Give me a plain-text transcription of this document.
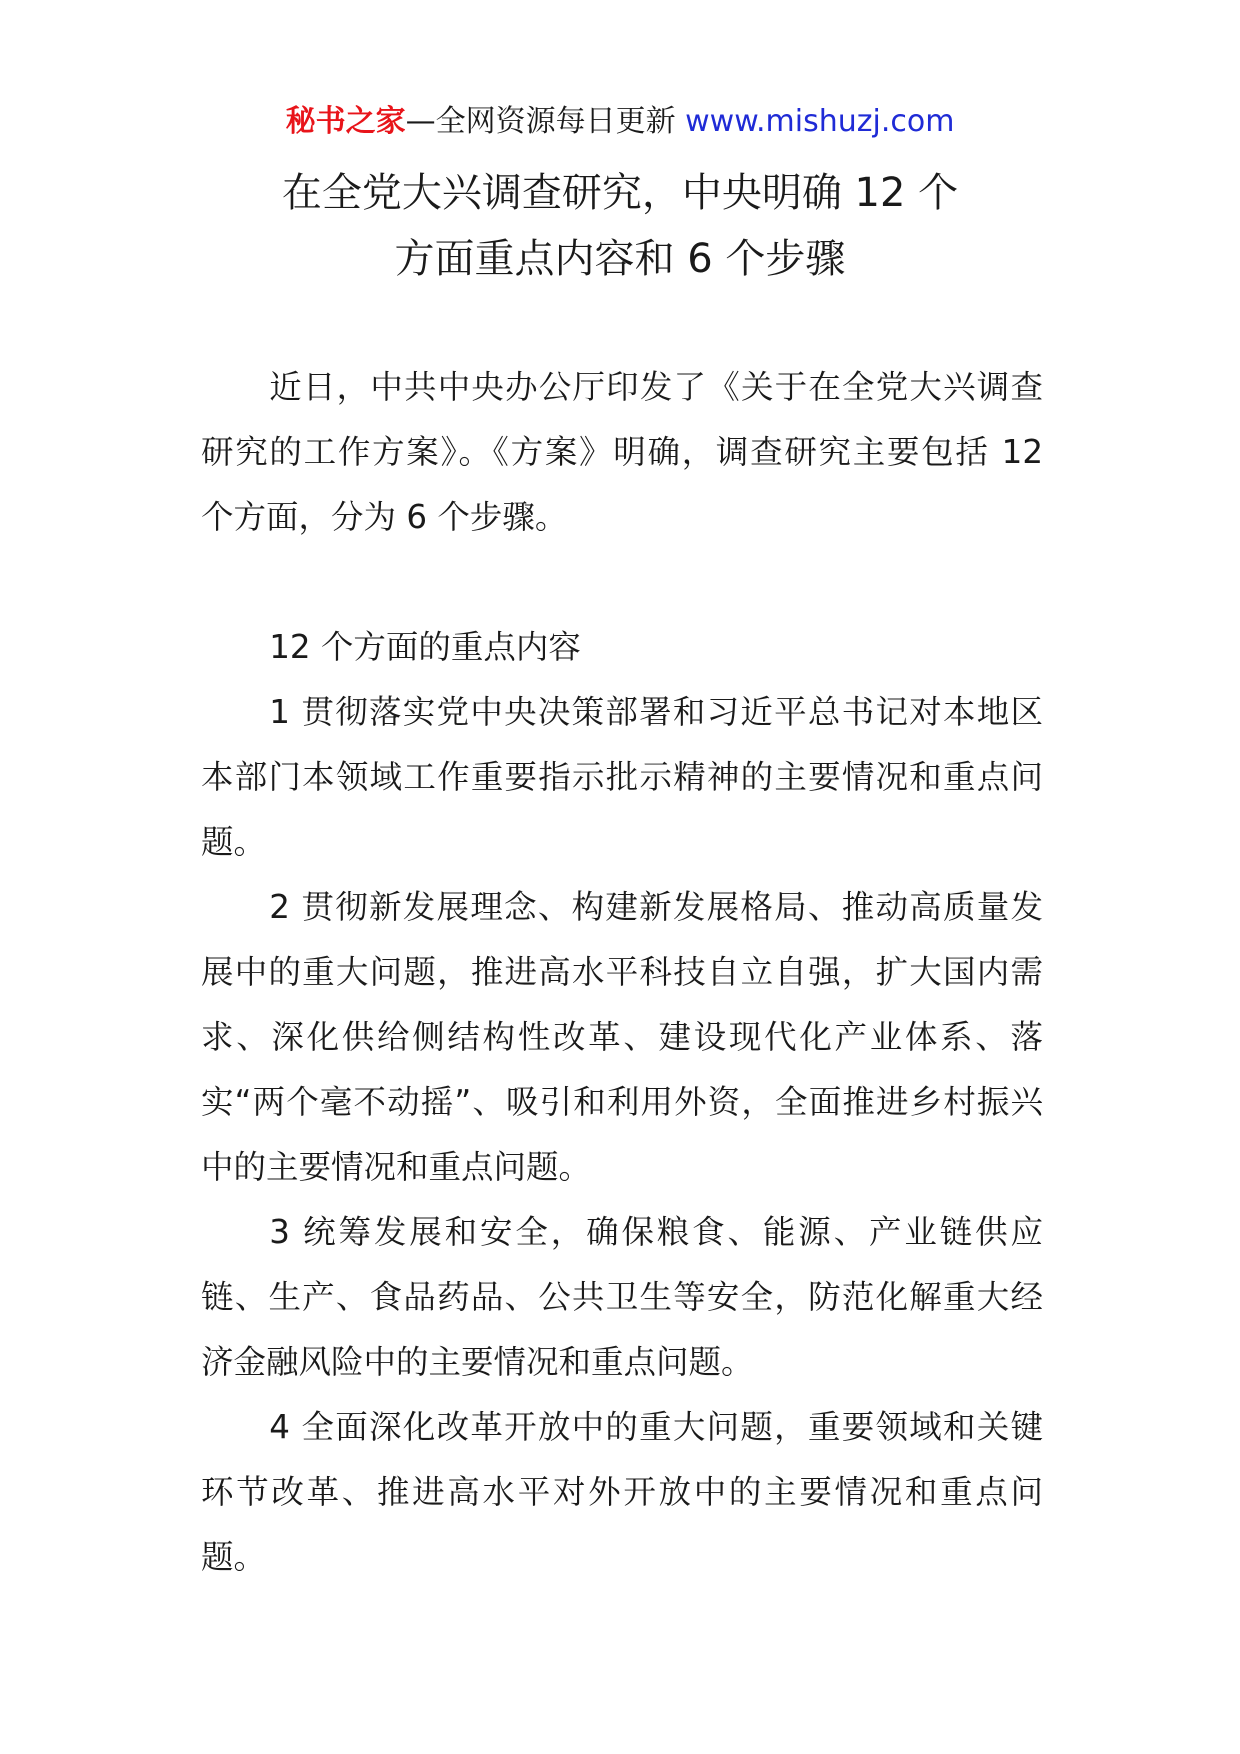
秘书之家—全网资源每日更新 www.mishuzj.com
在全党大兴调查研究，中央明确 12 个
方面重点内容和 6 个步骤

近日，中共中央办公厅印发了《关于在全党大兴调查研究的工作方案》。《方案》明确，调查研究主要包括 12 个方面，分为 6 个步骤。

12 个方面的重点内容

1 贯彻落实党中央决策部署和习近平总书记对本地区本部门本领域工作重要指示批示精神的主要情况和重点问题。

2 贯彻新发展理念、构建新发展格局、推动高质量发展中的重大问题，推进高水平科技自立自强，扩大国内需求、深化供给侧结构性改革、建设现代化产业体系、落实“两个毫不动摇”、吸引和利用外资，全面推进乡村振兴中的主要情况和重点问题。

3 统筹发展和安全，确保粮食、能源、产业链供应链、生产、食品药品、公共卫生等安全，防范化解重大经济金融风险中的主要情况和重点问题。

4 全面深化改革开放中的重大问题，重要领域和关键环节改革、推进高水平对外开放中的主要情况和重点问题。
